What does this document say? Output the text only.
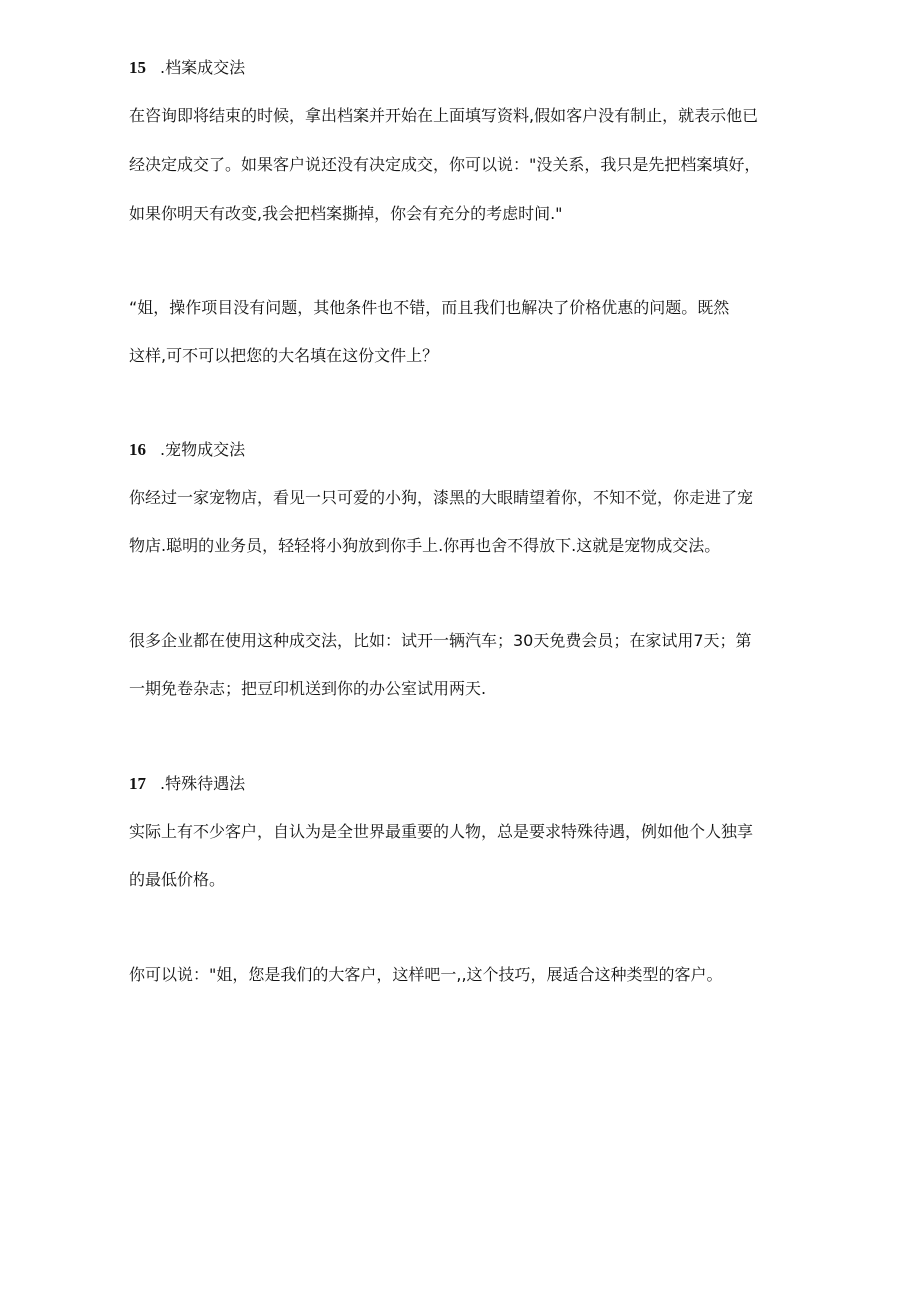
15 .档案成交法
在咨询即将结束的时候，拿出档案并开始在上面填写资料,假如客户没有制止，就表示他已
经决定成交了。如果客户说还没有决定成交，你可以说："没关系，我只是先把档案填好，
如果你明天有改变,我会把档案撕掉，你会有充分的考虑时间."
“姐，操作项目没有问题，其他条件也不错，而且我们也解决了价格优惠的问题。既然
这样,可不可以把您的大名填在这份文件上？
16 .宠物成交法
你经过一家宠物店，看见一只可爱的小狗，漆黑的大眼睛望着你，不知不觉，你走进了宠
物店.聪明的业务员，轻轻将小狗放到你手上.你再也舍不得放下.这就是宠物成交法。
很多企业都在使用这种成交法，比如：试开一辆汽车；30天免费会员；在家试用7天；第
一期免卷杂志；把豆印机送到你的办公室试用两天.
17 .特殊待遇法
实际上有不少客户，自认为是全世界最重要的人物，总是要求特殊待遇，例如他个人独享
的最低价格。
你可以说："姐，您是我们的大客户，这样吧一,,这个技巧，展适合这种类型的客户。
